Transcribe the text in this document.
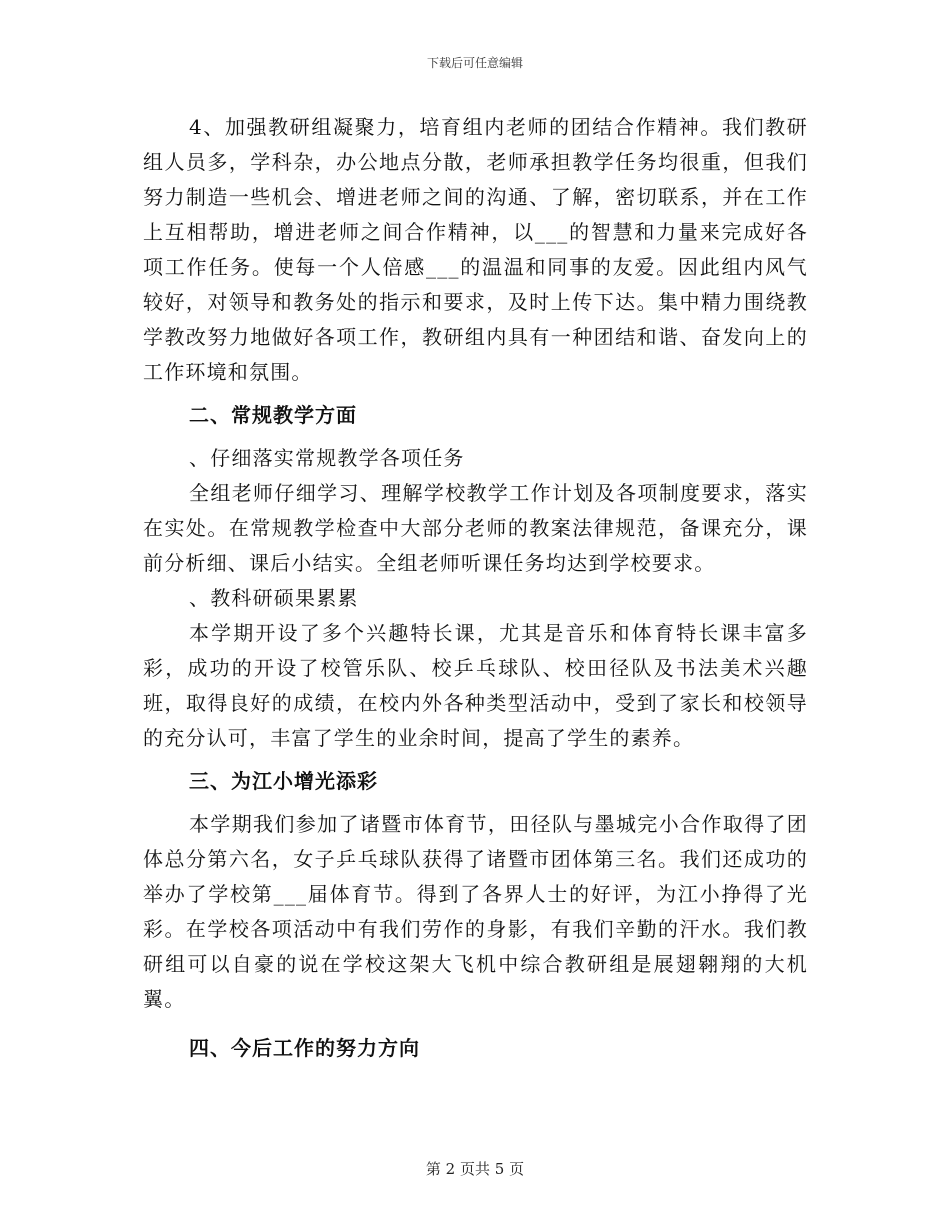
下载后可任意编辑

4、加强教研组凝聚力，培育组内老师的团结合作精神。我们教研组人员多，学科杂，办公地点分散，老师承担教学任务均很重，但我们努力制造一些机会、增进老师之间的沟通、了解，密切联系，并在工作上互相帮助，增进老师之间合作精神，以___的智慧和力量来完成好各项工作任务。使每一个人倍感___的温温和同事的友爱。因此组内风气较好，对领导和教务处的指示和要求，及时上传下达。集中精力围绕教学教改努力地做好各项工作，教研组内具有一种团结和谐、奋发向上的工作环境和氛围。

二、常规教学方面

、仔细落实常规教学各项任务

全组老师仔细学习、理解学校教学工作计划及各项制度要求，落实在实处。在常规教学检查中大部分老师的教案法律规范，备课充分，课前分析细、课后小结实。全组老师听课任务均达到学校要求。

、教科研硕果累累

本学期开设了多个兴趣特长课，尤其是音乐和体育特长课丰富多彩，成功的开设了校管乐队、校乒乓球队、校田径队及书法美术兴趣班，取得良好的成绩，在校内外各种类型活动中，受到了家长和校领导的充分认可，丰富了学生的业余时间，提高了学生的素养。

三、为江小增光添彩

本学期我们参加了诸暨市体育节，田径队与墨城完小合作取得了团体总分第六名，女子乒乓球队获得了诸暨市团体第三名。我们还成功的举办了学校第___届体育节。得到了各界人士的好评，为江小挣得了光彩。在学校各项活动中有我们劳作的身影，有我们辛勤的汗水。我们教研组可以自豪的说在学校这架大飞机中综合教研组是展翅翱翔的大机翼。

四、今后工作的努力方向

第 2 页共 5 页
